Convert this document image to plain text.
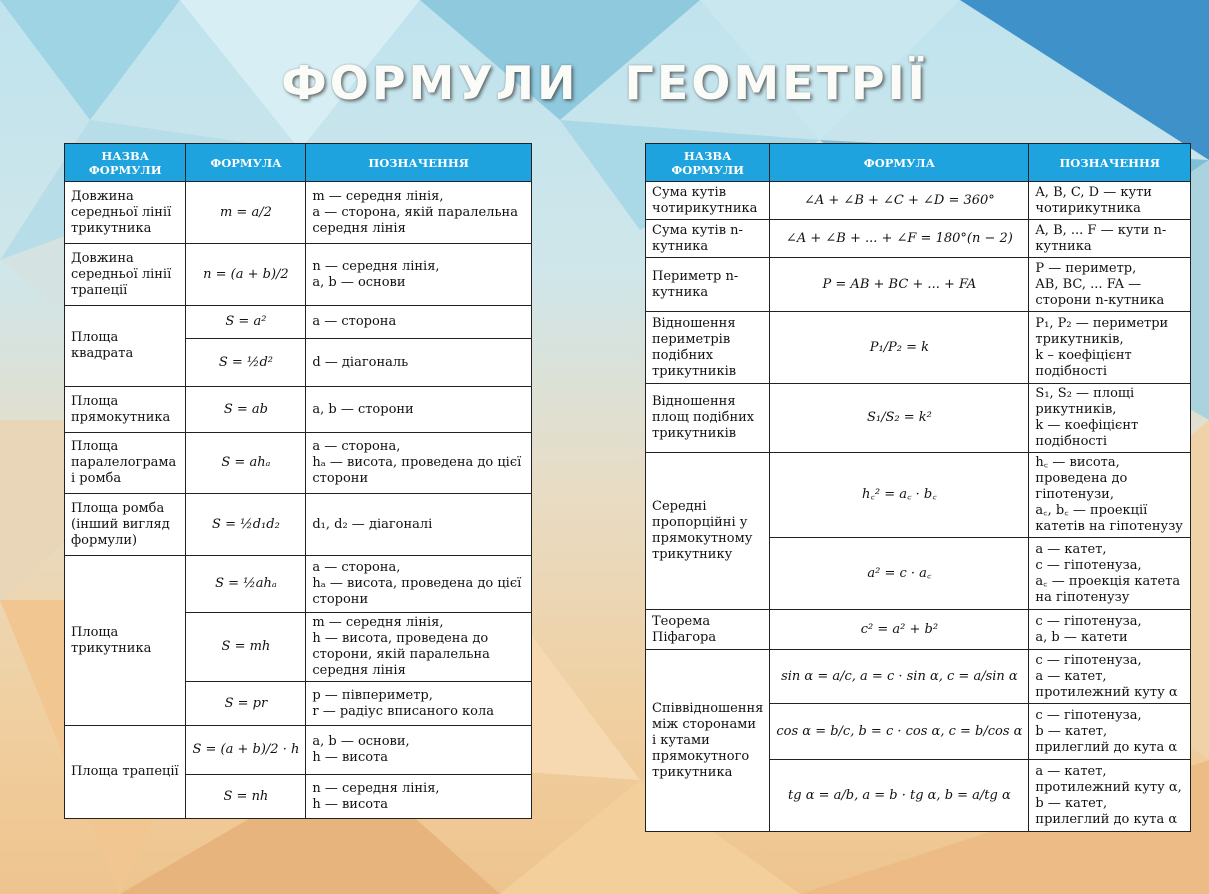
ФОРМУЛИ ГЕОМЕТРІЇ
НАЗВА ФОРМУЛИ	ФОРМУЛА	ПОЗНАЧЕННЯ
Довжина середньої лінії трикутника	m = a/2	m — середня лінія,
a — сторона, якій паралельна середня лінія
Довжина середньої лінії трапеції	n = (a + b)/2	n — середня лінія,
a, b — основи
Площа квадрата	S = a²	a — сторона
	S = ½d²	d — діагональ
Площа прямокутника	S = ab	a, b — сторони
Площа паралелограма і ромба	S = ahₐ	a — сторона,
hₐ — висота, проведена до цієї сторони
Площа ромба (інший вигляд формули)	S = ½d₁d₂	d₁, d₂ — діагоналі
Площа трикутника	S = ½ahₐ	a — сторона,
hₐ — висота, проведена до цієї сторони
	S = mh	m — середня лінія,
h — висота, проведена до сторони, якій паралельна середня лінія
	S = pr	p — півпериметр,
r — радіус вписаного кола
Площа трапеції	S = (a + b)/2 · h	a, b — основи,
h — висота
	S = nh	n — середня лінія,
h — висота
НАЗВА ФОРМУЛИ	ФОРМУЛА	ПОЗНАЧЕННЯ
Сума кутів чотирикутника	∠A + ∠B + ∠C + ∠D = 360°	A, B, C, D — кути чотирикутника
Сума кутів n-кутника	∠A + ∠B + ... + ∠F = 180°(n − 2)	A, B, ... F — кути n-кутника
Периметр n-кутника	P = AB + BC + ... + FA	P — периметр,
AB, BC, ... FA — сторони n-кутника
Відношення периметрів подібних трикутників	P₁/P₂ = k	P₁, P₂ — периметри трикутників,
k – коефіцієнт подібності
Відношення площ подібних трикутників	S₁/S₂ = k²	S₁, S₂ — площі рикутників,
k — коефіцієнт подібності
Середні пропорційні у прямокутному трикутнику	h꜀² = a꜀ · b꜀	h꜀ — висота, проведена до гіпотенузи,
a꜀, b꜀ — проекції катетів на гіпотенузу
	a² = c · a꜀	a — катет,
c — гіпотенуза,
a꜀ — проекція катета на гіпотенузу
Теорема Піфагора	c² = a² + b²	c — гіпотенуза,
a, b — катети
Співвідношення між сторонами і кутами прямокутного трикутника	sin α = a/c, a = c · sin α, c = a/sin α	c — гіпотенуза,
a — катет, протилежний куту α
	cos α = b/c, b = c · cos α, c = b/cos α	c — гіпотенуза,
b — катет, прилеглий до кута α
	tg α = a/b, a = b · tg α, b = a/tg α	a — катет, протилежний куту α,
b — катет, прилеглий до кута α
